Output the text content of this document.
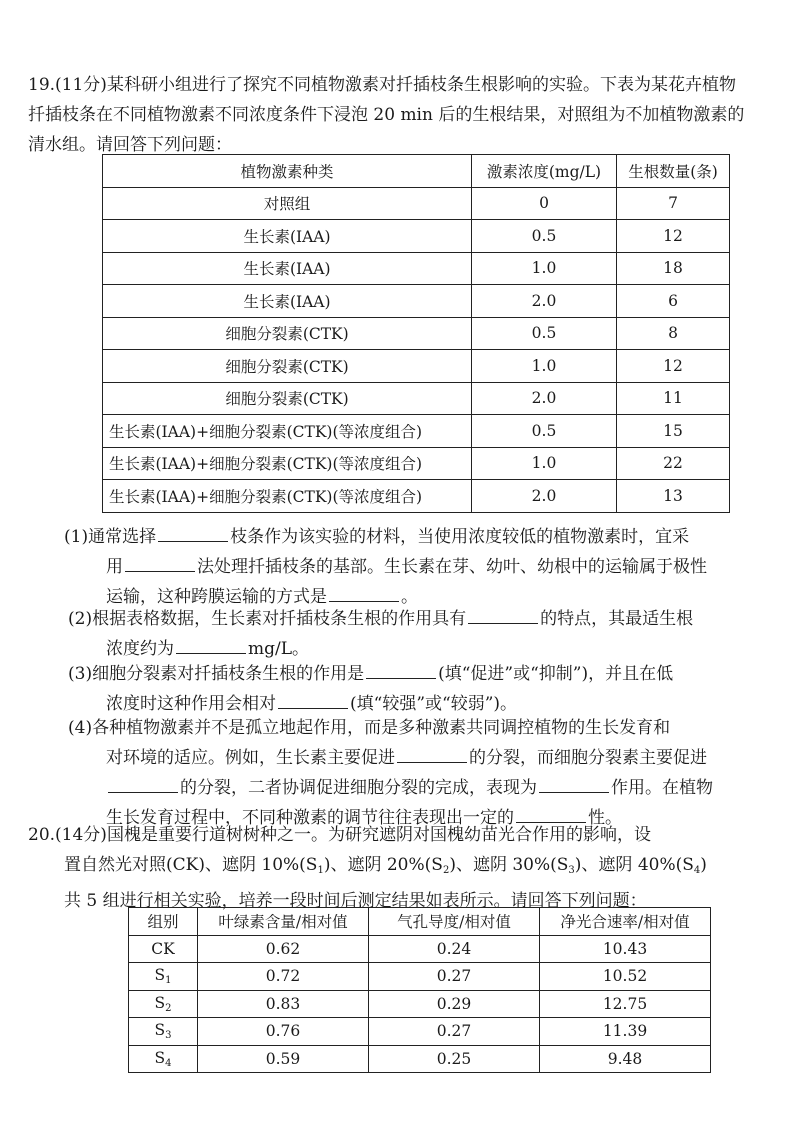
19.(11分)某科研小组进行了探究不同植物激素对扦插枝条生根影响的实验。下表为某花卉植物扦插枝条在不同植物激素不同浓度条件下浸泡 20 min 后的生根结果，对照组为不加植物激素的清水组。请回答下列问题：
植物激素种类	激素浓度(mg/L)	生根数量(条)
对照组	0	7
生长素(IAA)	0.5	12
生长素(IAA)	1.0	18
生长素(IAA)	2.0	6
细胞分裂素(CTK)	0.5	8
细胞分裂素(CTK)	1.0	12
细胞分裂素(CTK)	2.0	11
生长素(IAA)+细胞分裂素(CTK)(等浓度组合)	0.5	15
生长素(IAA)+细胞分裂素(CTK)(等浓度组合)	1.0	22
生长素(IAA)+细胞分裂素(CTK)(等浓度组合)	2.0	13
(1)通常选择	枝条作为该实验的材料，当使用浓度较低的植物激素时，宜采
用	法处理扦插枝条的基部。生长素在芽、幼叶、幼根中的运输属于极性
运输，这种跨膜运输的方式是	。
(2)根据表格数据，生长素对扦插枝条生根的作用具有	的特点，其最适生根
浓度约为	mg/L。
(3)细胞分裂素对扦插枝条生根的作用是	(填“促进”或“抑制”)，并且在低
浓度时这种作用会相对	(填“较强”或“较弱”)。
(4)各种植物激素并不是孤立地起作用，而是多种激素共同调控植物的生长发育和
对环境的适应。例如，生长素主要促进	的分裂，而细胞分裂素主要促进
的分裂，二者协调促进细胞分裂的完成，表现为	作用。在植物
生长发育过程中，不同种激素的调节往往表现出一定的	性。
20.(14分)国槐是重要行道树树种之一。为研究遮阴对国槐幼苗光合作用的影响，设
置自然光对照(CK)、遮阴 $10\%(S_1)$、遮阴 $20\%(S_2)$、遮阴 $30\%(S_3)$、遮阴 $40\%(S_4)$
共 5 组进行相关实验，培养一段时间后测定结果如表所示。请回答下列问题：
组别	叶绿素含量/相对值	气孔导度/相对值	净光合速率/相对值
CK	0.62	0.24	10.43
$S_1$	0.72	0.27	10.52
$S_2$	0.83	0.29	12.75
$S_3$	0.76	0.27	11.39
$S_4$	0.59	0.25	9.48
